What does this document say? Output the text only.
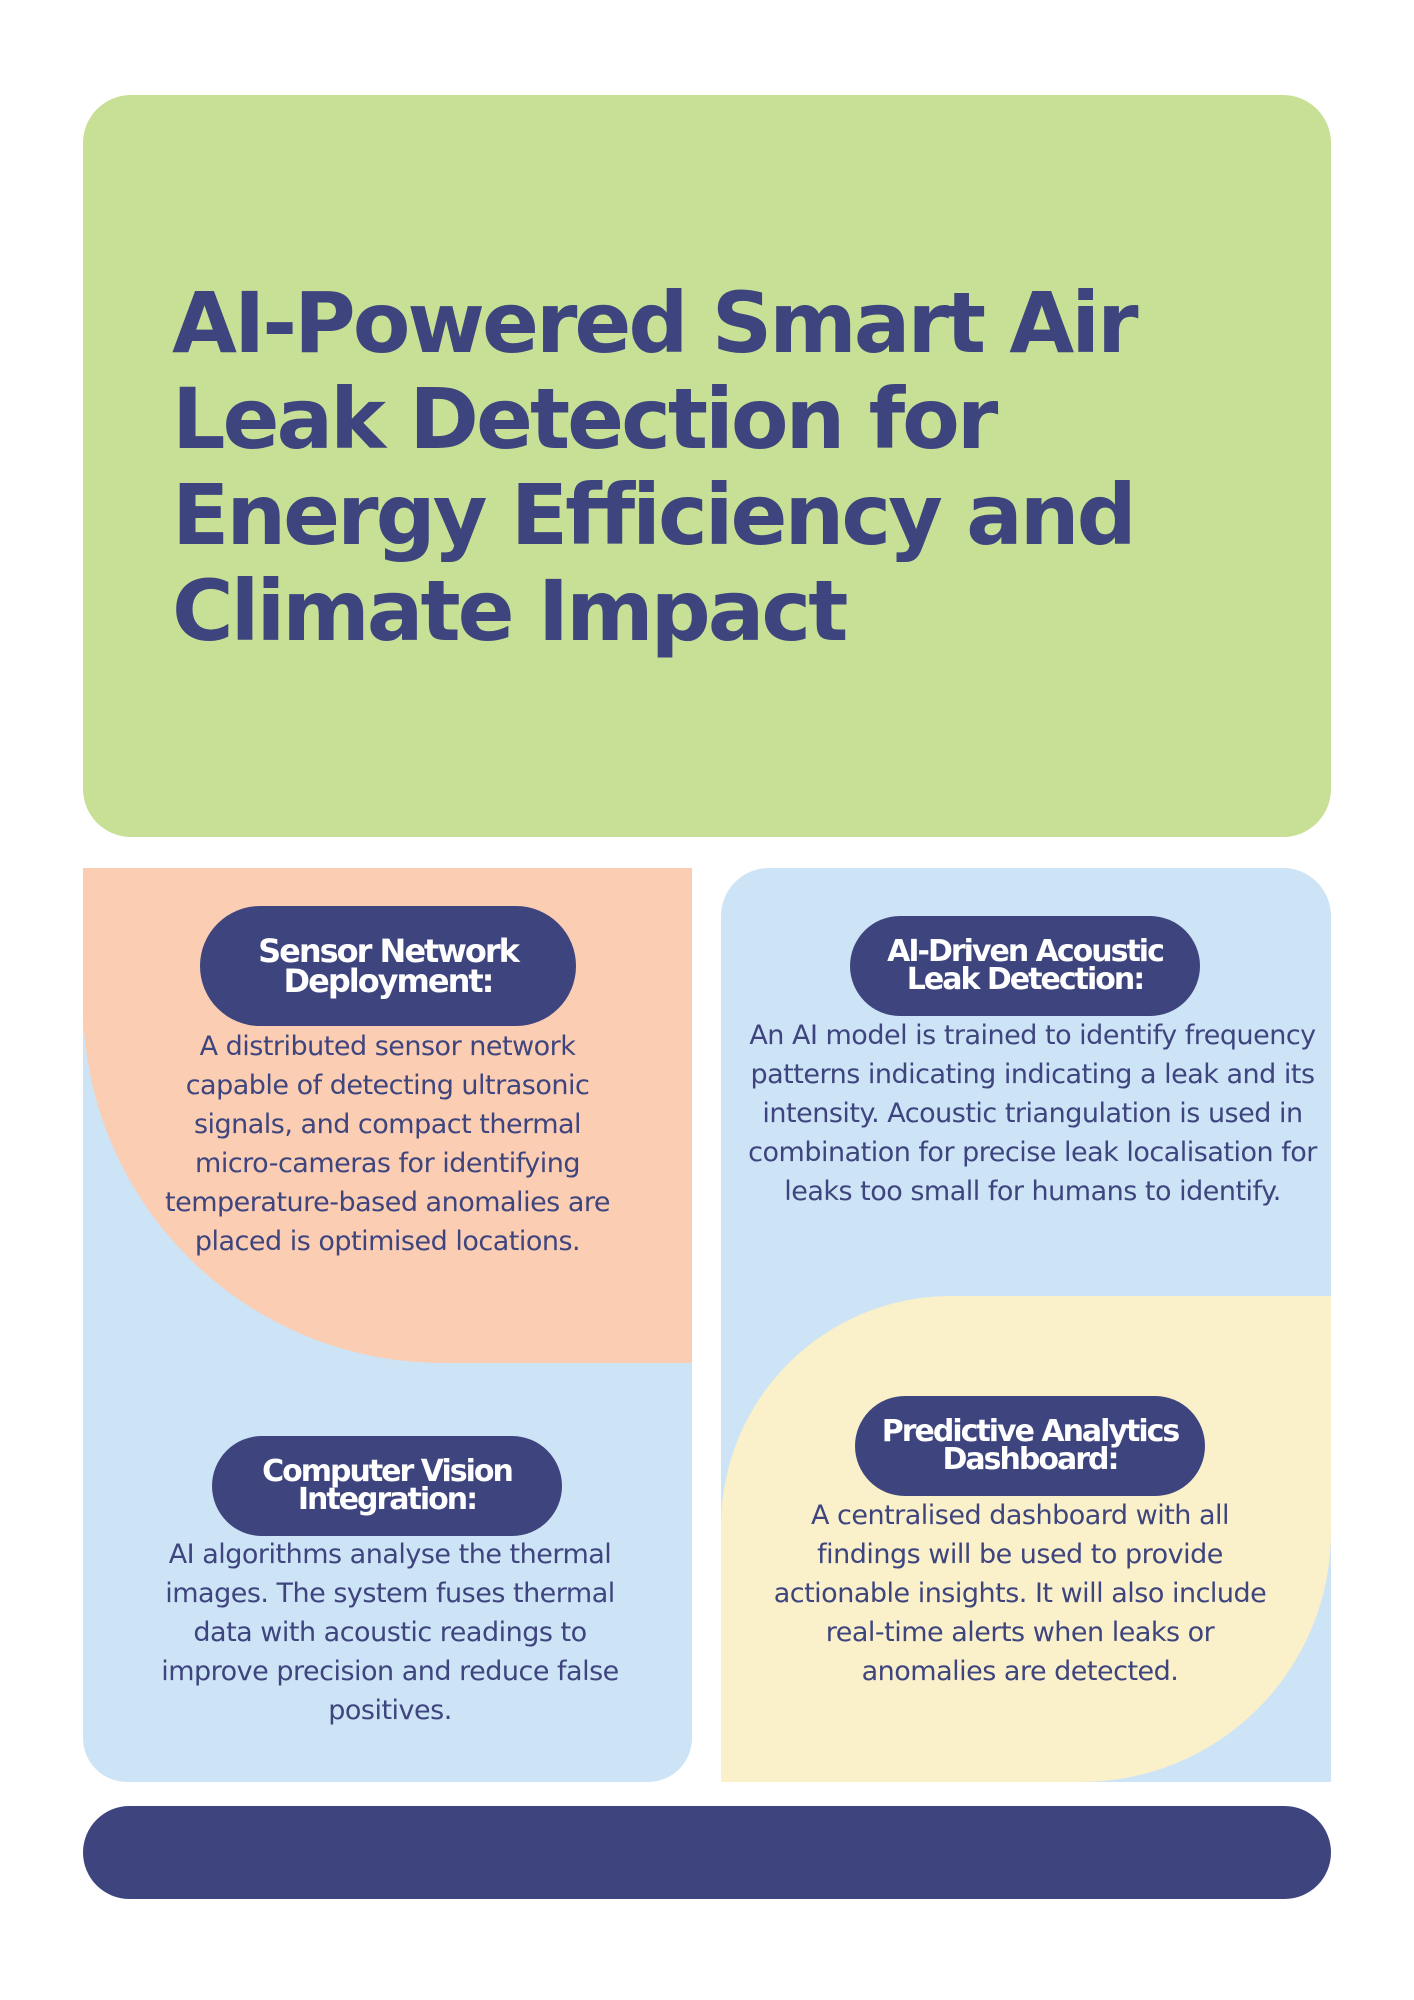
AI-Powered Smart Air Leak Detection for Energy Efficiency and Climate Impact
Sensor Network
Deployment:

A distributed sensor network capable of detecting ultrasonic signals, and compact thermal micro-cameras for identifying temperature-based anomalies are placed is optimised locations.

AI-Driven Acoustic
Leak Detection:

An AI model is trained to identify frequency patterns indicating indicating a leak and its intensity. Acoustic triangulation is used in combination for precise leak localisation for leaks too small for humans to identify.

Computer Vision
Integration:

AI algorithms analyse the thermal images. The system fuses thermal data with acoustic readings to improve precision and reduce false positives.

Predictive Analytics
Dashboard:

A centralised dashboard with all findings will be used to provide actionable insights. It will also include real-time alerts when leaks or anomalies are detected.
